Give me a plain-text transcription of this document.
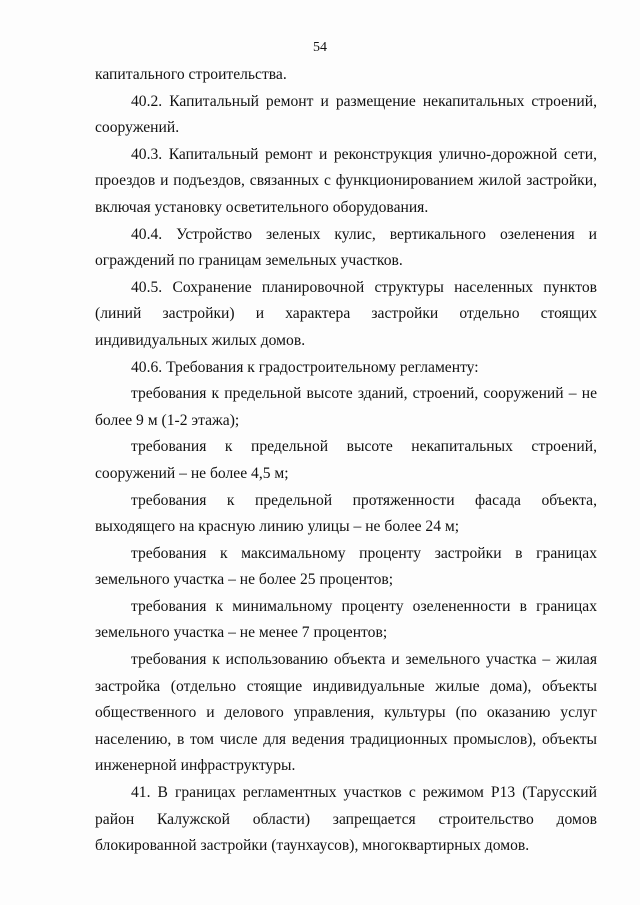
54

капитального строительства.

40.2. Капитальный ремонт и размещение некапитальных строений, сооружений.

40.3. Капитальный ремонт и реконструкция улично-дорожной сети, проездов и подъездов, связанных с функционированием жилой застройки, включая установку осветительного оборудования.

40.4. Устройство зеленых кулис, вертикального озеленения и ограждений по границам земельных участков.

40.5. Сохранение планировочной структуры населенных пунктов (линий застройки) и характера застройки отдельно стоящих индивидуальных жилых домов.

40.6. Требования к градостроительному регламенту:

требования к предельной высоте зданий, строений, сооружений – не более 9 м (1-2 этажа);

требования к предельной высоте некапитальных строений, сооружений – не более 4,5 м;

требования к предельной протяженности фасада объекта, выходящего на красную линию улицы – не более 24 м;

требования к максимальному проценту застройки в границах земельного участка – не более 25 процентов;

требования к минимальному проценту озелененности в границах земельного участка – не менее 7 процентов;

требования к использованию объекта и земельного участка – жилая застройка (отдельно стоящие индивидуальные жилые дома), объекты общественного и делового управления, культуры (по оказанию услуг населению, в том числе для ведения традиционных промыслов), объекты инженерной инфраструктуры.

41. В границах регламентных участков с режимом Р13 (Тарусский район Калужской области) запрещается строительство домов блокированной застройки (таунхаусов), многоквартирных домов.
